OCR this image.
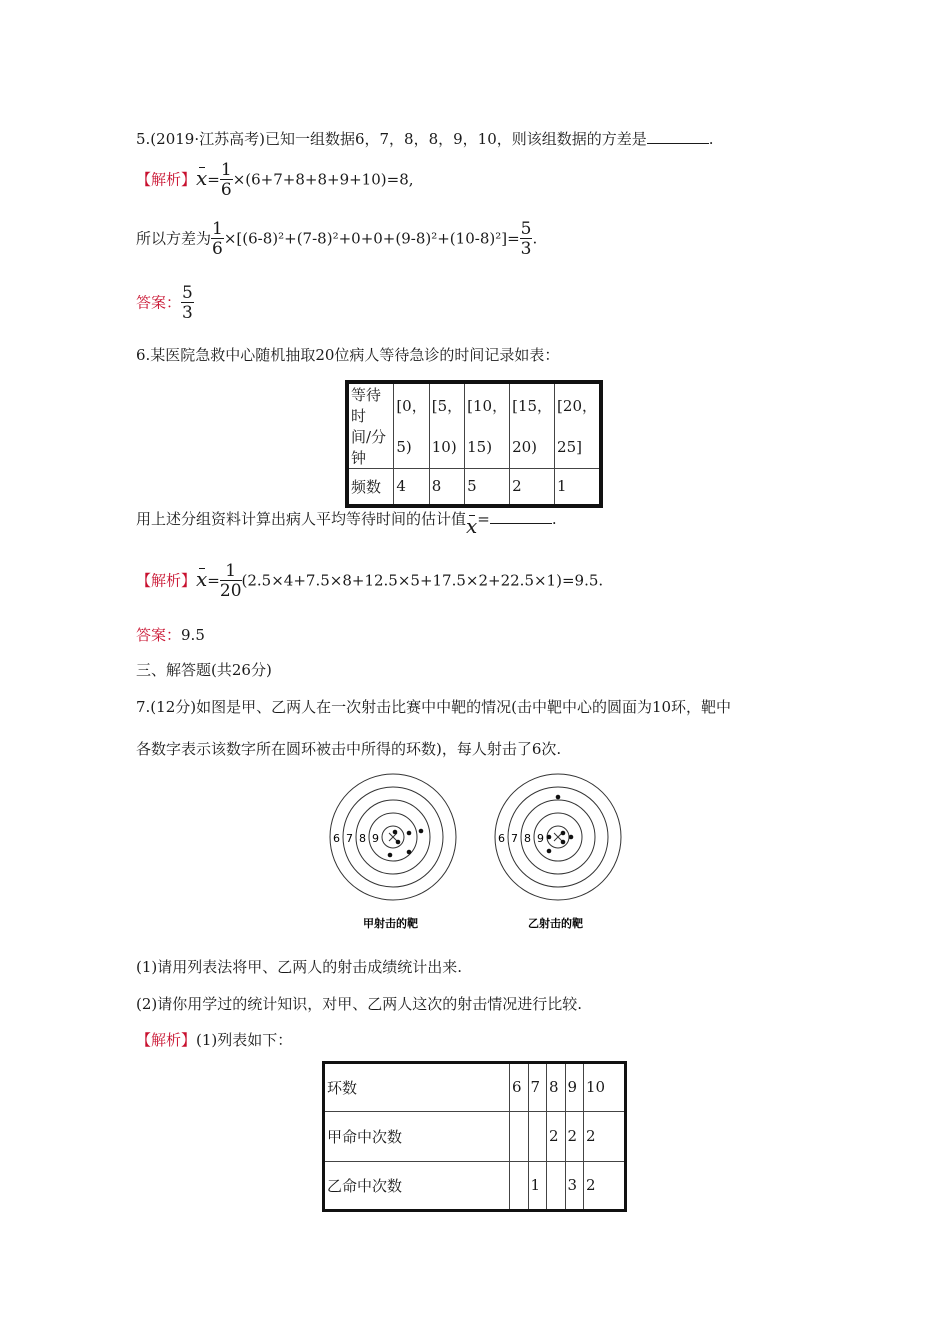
5.(2019·江苏高考)已知一组数据6，7，8，8，9，10，则该组数据的方差是	.
【解析】$x= \frac{1}{6} \times(6+7+8+8+9+10)=8$,
所以方差为 $\frac{1}{6} \times[(6-8)^2+(7-8)^2+0+0+(9-8)^2+(10-8)^2]= \frac{5}{3}$ .
答案： $\frac{5}{3}$
6.某医院急救中心随机抽取20位病人等待急诊的时间记录如表：
等待时	[0，	[5，	[10，	[15，	[20，
间/分钟	5)	10)	15)	20)	25]
频数	4	8	5	2	1
用上述分组资料计算出病人平均等待时间的估计值x=	.
【解析】$x= \frac{1}{20} (2.5\times 4+7.5\times 8+12.5\times 5+17.5\times 2+22.5\times 1)=9.5$.
答案：9.5
三、解答题(共26分)
7.(12分)如图是甲、乙两人在一次射击比赛中中靶的情况(击中靶中心的圆面为10环，靶中
各数字表示该数字所在圆环被击中所得的环数)，每人射击了6次.
6 7 8 9	6 7 8 9
甲射击的靶	乙射击的靶
(1)请用列表法将甲、乙两人的射击成绩统计出来.
(2)请你用学过的统计知识，对甲、乙两人这次的射击情况进行比较.
【解析】(1)列表如下：
环数	6	7	8	9	10
甲命中次数			2	2	2
乙命中次数		1		3	2
